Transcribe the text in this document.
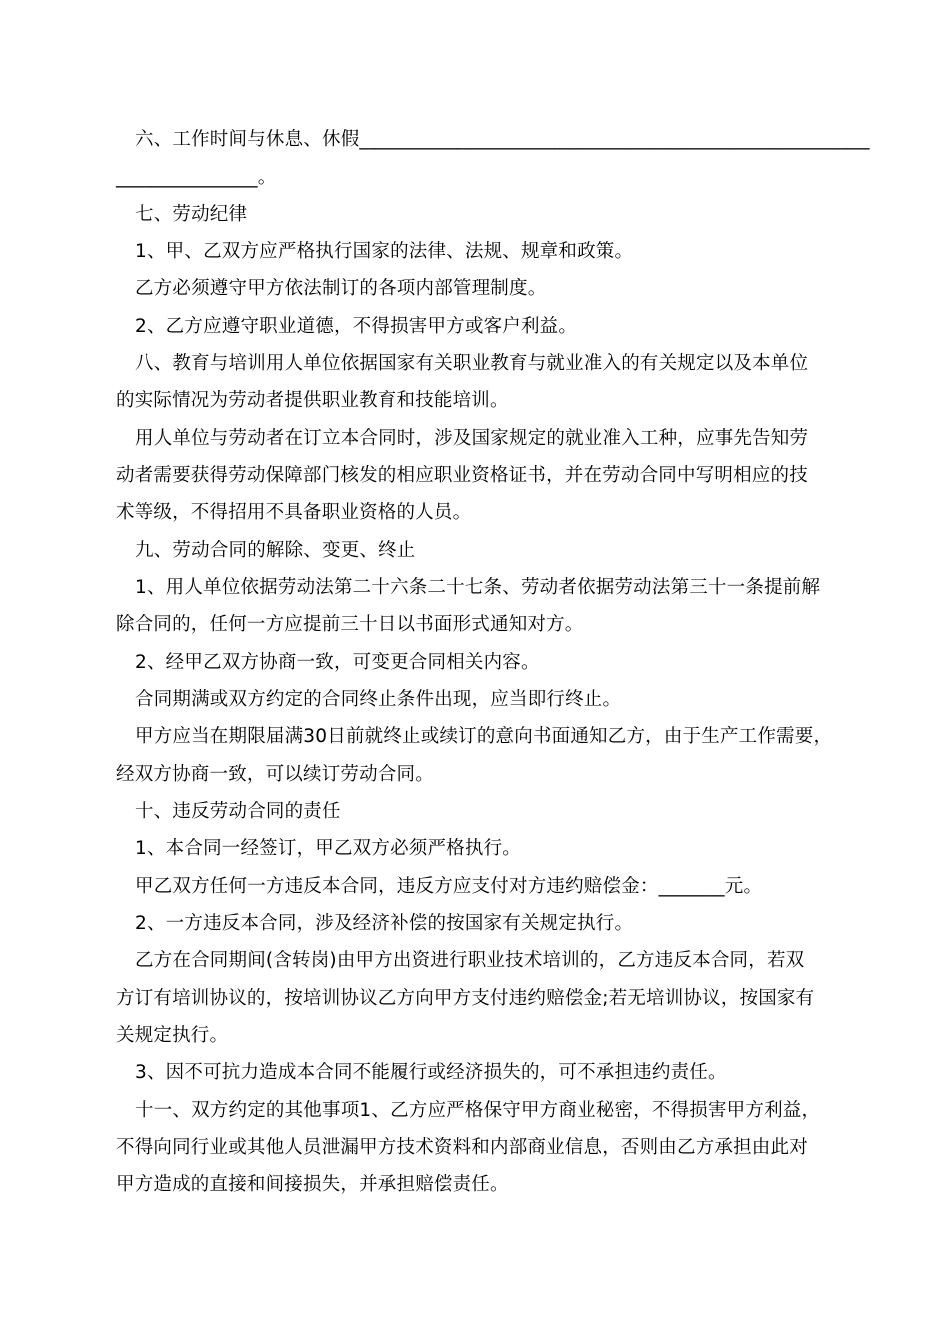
六、工作时间与休息、休假______________________________________________________
_______________。
七、劳动纪律
1、甲、乙双方应严格执行国家的法律、法规、规章和政策。
乙方必须遵守甲方依法制订的各项内部管理制度。
2、乙方应遵守职业道德，不得损害甲方或客户利益。
八、教育与培训用人单位依据国家有关职业教育与就业准入的有关规定以及本单位
的实际情况为劳动者提供职业教育和技能培训。
用人单位与劳动者在订立本合同时，涉及国家规定的就业准入工种，应事先告知劳
动者需要获得劳动保障部门核发的相应职业资格证书，并在劳动合同中写明相应的技
术等级，不得招用不具备职业资格的人员。
九、劳动合同的解除、变更、终止
1、用人单位依据劳动法第二十六条二十七条、劳动者依据劳动法第三十一条提前解
除合同的，任何一方应提前三十日以书面形式通知对方。
2、经甲乙双方协商一致，可变更合同相关内容。
合同期满或双方约定的合同终止条件出现，应当即行终止。
甲方应当在期限届满30日前就终止或续订的意向书面通知乙方，由于生产工作需要，
经双方协商一致，可以续订劳动合同。
十、违反劳动合同的责任
1、本合同一经签订，甲乙双方必须严格执行。
甲乙双方任何一方违反本合同，违反方应支付对方违约赔偿金：_______元。
2、一方违反本合同，涉及经济补偿的按国家有关规定执行。
乙方在合同期间(含转岗)由甲方出资进行职业技术培训的，乙方违反本合同，若双
方订有培训协议的，按培训协议乙方向甲方支付违约赔偿金;若无培训协议，按国家有
关规定执行。
3、因不可抗力造成本合同不能履行或经济损失的，可不承担违约责任。
十一、双方约定的其他事项1、乙方应严格保守甲方商业秘密，不得损害甲方利益，
不得向同行业或其他人员泄漏甲方技术资料和内部商业信息，否则由乙方承担由此对
甲方造成的直接和间接损失，并承担赔偿责任。
